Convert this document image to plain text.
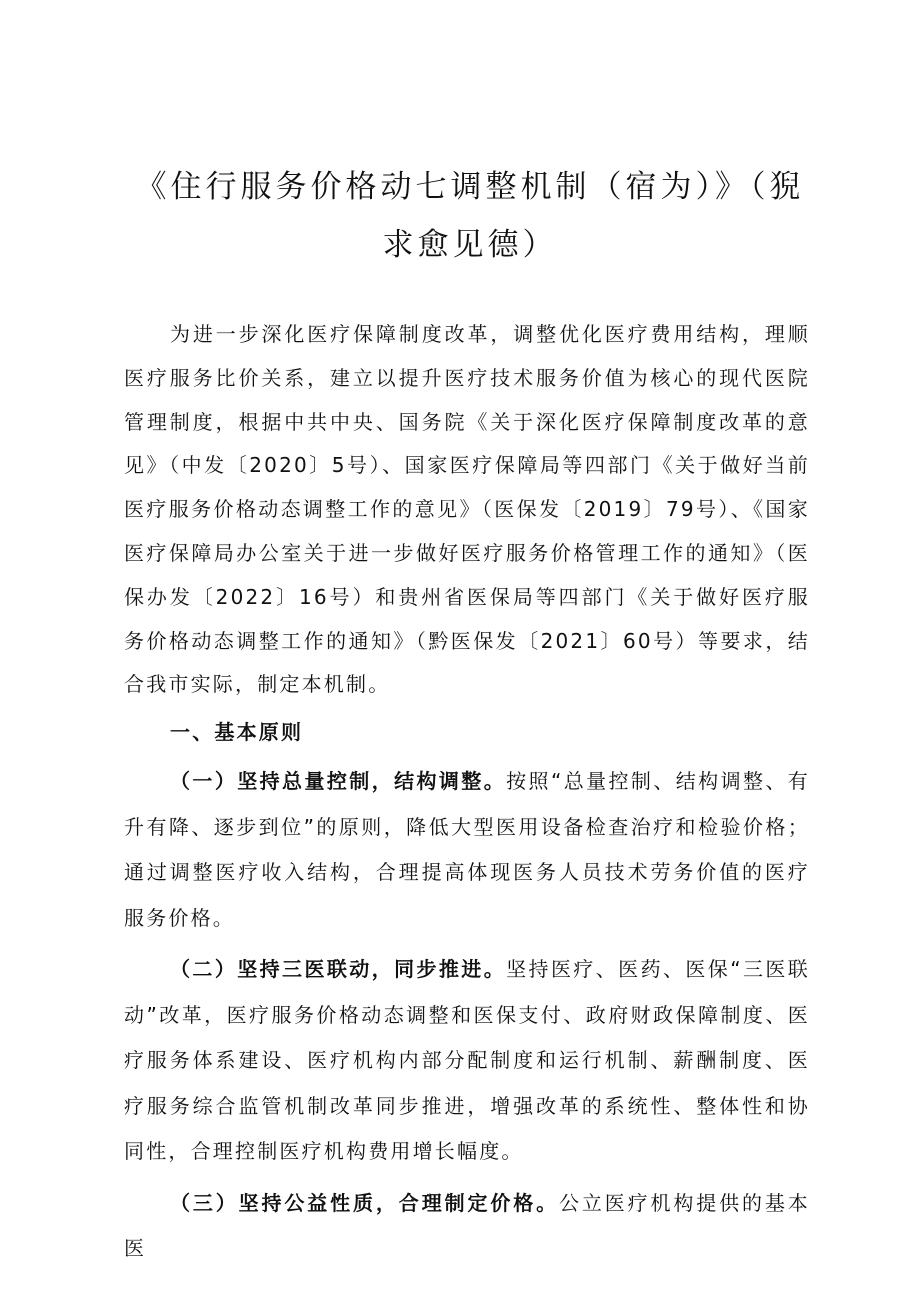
《住行服务价格动七调整机制（宿为）》（猊求愈见德）

为进一步深化医疗保障制度改革，调整优化医疗费用结构，理顺医疗服务比价关系，建立以提升医疗技术服务价值为核心的现代医院管理制度，根据中共中央、国务院《关于深化医疗保障制度改革的意见》（中发〔2020〕5号）、国家医疗保障局等四部门《关于做好当前医疗服务价格动态调整工作的意见》（医保发〔2019〕79号）、《国家医疗保障局办公室关于进一步做好医疗服务价格管理工作的通知》（医保办发〔2022〕16号）和贵州省医保局等四部门《关于做好医疗服务价格动态调整工作的通知》（黔医保发〔2021〕60号）等要求，结合我市实际，制定本机制。

一、基本原则

（一）坚持总量控制，结构调整。按照“总量控制、结构调整、有升有降、逐步到位”的原则，降低大型医用设备检查治疗和检验价格；通过调整医疗收入结构，合理提高体现医务人员技术劳务价值的医疗服务价格。

（二）坚持三医联动，同步推进。坚持医疗、医药、医保“三医联动”改革，医疗服务价格动态调整和医保支付、政府财政保障制度、医疗服务体系建设、医疗机构内部分配制度和运行机制、薪酬制度、医疗服务综合监管机制改革同步推进，增强改革的系统性、整体性和协同性，合理控制医疗机构费用增长幅度。

（三）坚持公益性质，合理制定价格。公立医疗机构提供的基本医
